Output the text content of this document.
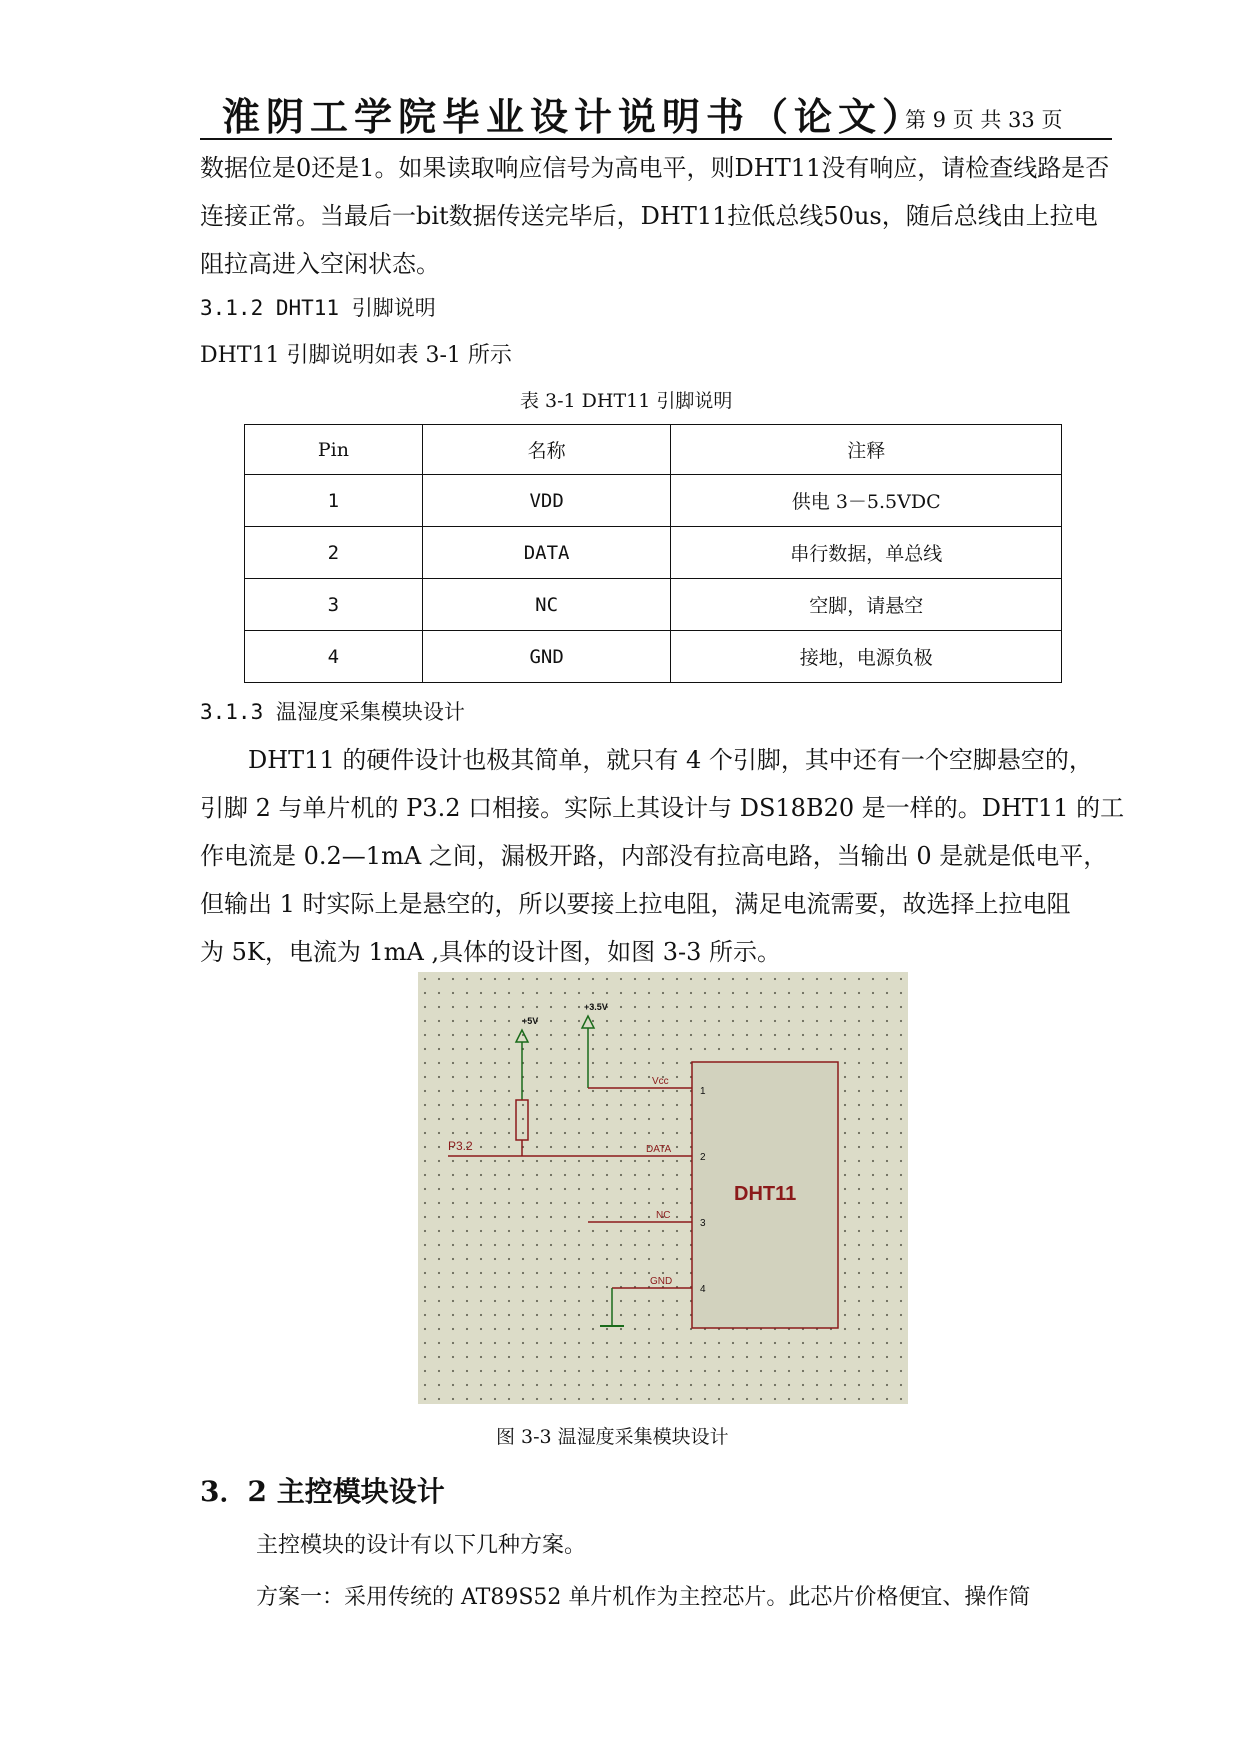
淮阴工学院毕业设计说明书（论文）
第 9 页 共 33 页
数据位是0还是1。如果读取响应信号为高电平，则DHT11没有响应，请检查线路是否
连接正常。当最后一bit数据传送完毕后，DHT11拉低总线50us，随后总线由上拉电
阻拉高进入空闲状态。
3.1.2 DHT11 引脚说明
DHT11 引脚说明如表 3-1 所示
表 3-1 DHT11 引脚说明
Pin	名称	注释
1	VDD	供电 3－5.5VDC
2	DATA	串行数据，单总线
3	NC	空脚，请悬空
4	GND	接地，电源负极
3.1.3 温湿度采集模块设计
　DHT11 的硬件设计也极其简单，就只有 4 个引脚，其中还有一个空脚悬空的，
引脚 2 与单片机的 P3.2 口相接。实际上其设计与 DS18B20 是一样的。DHT11 的工
作电流是 0.2—1mA 之间，漏极开路，内部没有拉高电路，当输出 0 是就是低电平，
但输出 1 时实际上是悬空的，所以要接上拉电阻，满足电流需要，故选择上拉电阻
为 5K，电流为 1mA ,具体的设计图，如图 3-3 所示。
+5V
+3.5V
P3.2
Vcc
DATA
NC
GND
1
2
3
4
DHT11
图 3-3 温湿度采集模块设计
3．2 主控模块设计
主控模块的设计有以下几种方案。
方案一：采用传统的 AT89S52 单片机作为主控芯片。此芯片价格便宜、操作简
